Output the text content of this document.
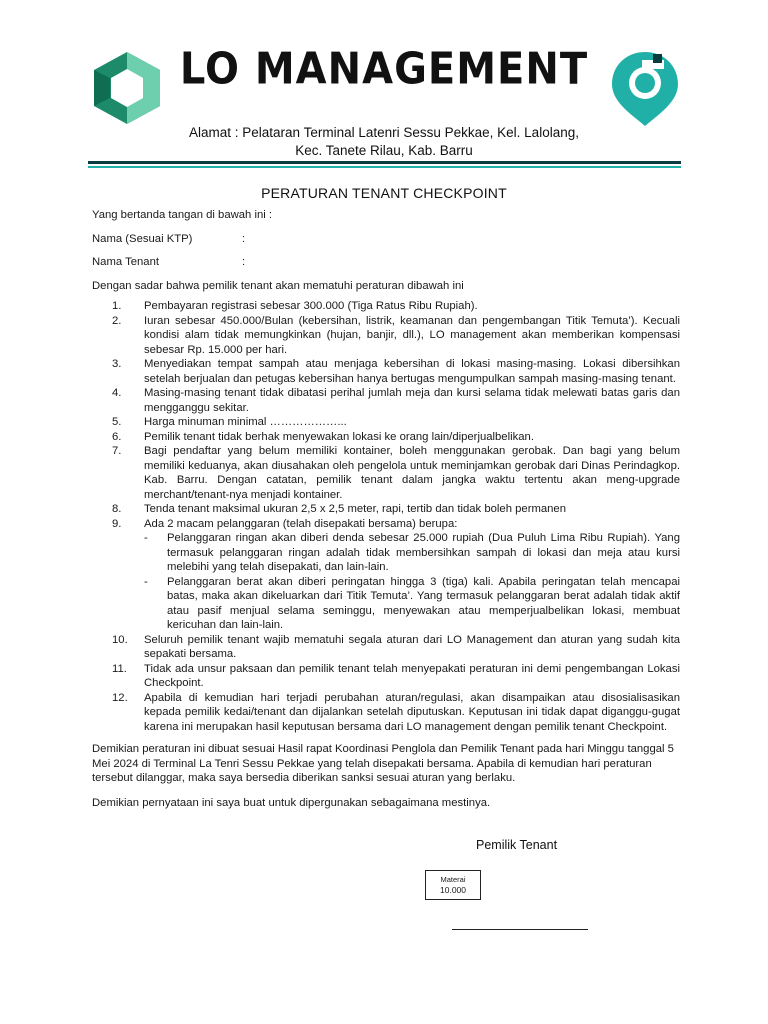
LO MANAGEMENT
Alamat : Pelataran Terminal Latenri Sessu Pekkae, Kel. Lalolang,
Kec. Tanete Rilau, Kab. Barru
PERATURAN TENANT CHECKPOINT

Yang bertanda tangan di bawah ini :

Nama (Sesuai KTP)	:
Nama Tenant	:

Dengan sadar bahwa pemilik tenant akan mematuhi peraturan dibawah ini

1.	Pembayaran registrasi sebesar 300.000 (Tiga Ratus Ribu Rupiah).
2.	Iuran sebesar 450.000/Bulan (kebersihan, listrik, keamanan dan pengembangan Titik Temuta’). Kecuali kondisi alam tidak memungkinkan (hujan, banjir, dll.), LO management akan memberikan kompensasi sebesar Rp. 15.000 per hari.
3.	Menyediakan tempat sampah atau menjaga kebersihan di lokasi masing-masing. Lokasi dibersihkan setelah berjualan dan petugas kebersihan hanya bertugas mengumpulkan sampah masing-masing tenant.
4.	Masing-masing tenant tidak dibatasi perihal jumlah meja dan kursi selama tidak melewati batas garis dan mengganggu sekitar.
5.	Harga minuman minimal ………………...
6.	Pemilik tenant tidak berhak menyewakan lokasi ke orang lain/diperjualbelikan.
7.	Bagi pendaftar yang belum memiliki kontainer, boleh menggunakan gerobak. Dan bagi yang belum memiliki keduanya, akan diusahakan oleh pengelola untuk meminjamkan gerobak dari Dinas Perindagkop. Kab. Barru. Dengan catatan, pemilik tenant dalam jangka waktu tertentu akan meng-upgrade merchant/tenant-nya menjadi kontainer.
8.	Tenda tenant maksimal ukuran 2,5 x 2,5 meter, rapi, tertib dan tidak boleh permanen
9.	Ada 2 macam pelanggaran (telah disepakati bersama) berupa:
-	Pelanggaran ringan akan diberi denda sebesar 25.000 rupiah (Dua Puluh Lima Ribu Rupiah). Yang termasuk pelanggaran ringan adalah tidak membersihkan sampah di lokasi dan meja atau kursi melebihi yang telah disepakati, dan lain-lain.
-	Pelanggaran berat akan diberi peringatan hingga 3 (tiga) kali. Apabila peringatan telah mencapai batas, maka akan dikeluarkan dari Titik Temuta’. Yang termasuk pelanggaran berat adalah tidak aktif atau pasif menjual selama seminggu, menyewakan atau memperjualbelikan lokasi, membuat kericuhan dan lain-lain.
10.	Seluruh pemilik tenant wajib mematuhi segala aturan dari LO Management dan aturan yang sudah kita sepakati bersama.
11.	Tidak ada unsur paksaan dan pemilik tenant telah menyepakati peraturan ini demi pengembangan Lokasi Checkpoint.
12.	Apabila di kemudian hari terjadi perubahan aturan/regulasi, akan disampaikan atau disosialisasikan kepada pemilik kedai/tenant dan dijalankan setelah diputuskan. Keputusan ini tidak dapat diganggu-gugat karena ini merupakan hasil keputusan bersama dari LO management dengan pemilik tenant Checkpoint.

Demikian peraturan ini dibuat sesuai Hasil rapat Koordinasi Penglola dan Pemilik Tenant pada hari Minggu tanggal 5 Mei 2024 di Terminal La Tenri Sessu Pekkae yang telah disepakati bersama. Apabila di kemudian hari peraturan tersebut dilanggar, maka saya bersedia diberikan sanksi sesuai aturan yang berlaku.

Demikian pernyataan ini saya buat untuk dipergunakan sebagaimana mestinya.

Pemilik Tenant
Materai
10.000
